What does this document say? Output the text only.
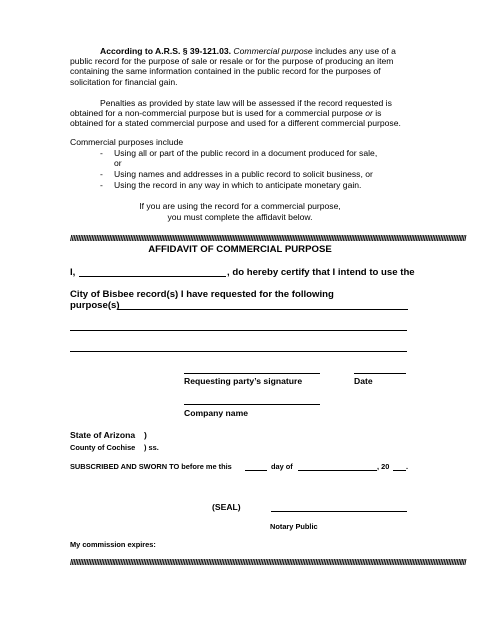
According to A.R.S. § 39-121.03. Commercial purpose includes any use of a public record for the purpose of sale or resale or for the purpose of producing an item containing the same information contained in the public record for the purposes of solicitation for financial gain.
Penalties as provided by state law will be assessed if the record requested is obtained for a non-commercial purpose but is used for a commercial purpose or is obtained for a stated commercial purpose and used for a different commercial purpose.
Commercial purposes include
- Using all or part of the public record in a document produced for sale,
or
- Using names and addresses in a public record to solicit business, or
- Using the record in any way in which to anticipate monetary gain.
If you are using the record for a commercial purpose,
you must complete the affidavit below.
////////////////////////////////////////////////////////////////////////////////////////////////////////////////////////////////////////////////////////////////////////////////////////////////////////////////////////////////////////////////////
AFFIDAVIT OF COMMERCIAL PURPOSE
I,	, do hereby certify that I intend to use the
City of Bisbee record(s) I have requested for the following
purpose(s)
Requesting party’s signature	Date
Company name
State of Arizona )
County of Cochise ) ss.
SUBSCRIBED AND SWORN TO before me this	day of	, 20 .
(SEAL)
Notary Public
My commission expires:
////////////////////////////////////////////////////////////////////////////////////////////////////////////////////////////////////////////////////////////////////////////////////////////////////////////////////////////////////////////////////
